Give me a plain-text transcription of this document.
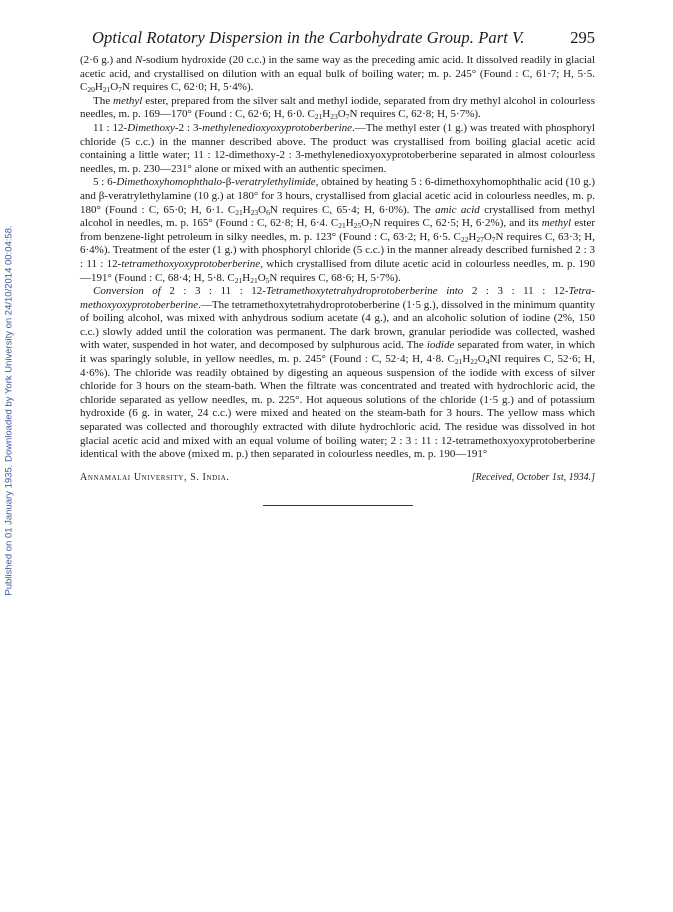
Published on 01 January 1935. Downloaded by York University on 24/10/2014 00:04:58.
Optical Rotatory Dispersion in the Carbohydrate Group. Part V.	295

(2·6 g.) and N-sodium hydroxide (20 c.c.) in the same way as the preceding amic acid. It dissolved readily in glacial acetic acid, and crystallised on dilution with an equal bulk of boiling water; m. p. 245° (Found : C, 61·7; H, 5·5. $C_{20}H_{21}O_7N$ requires C, 62·0; H, 5·4%).

The methyl ester, prepared from the silver salt and methyl iodide, separated from dry methyl alcohol in colourless needles, m. p. 169—170° (Found : C, 62·6; H, 6·0. $C_{21}H_{23}O_7N$ requires C, 62·8; H, 5·7%).

11 : 12-Dimethoxy-2 : 3-methylenedioxyoxyprotoberberine.—The methyl ester (1 g.) was treated with phosphoryl chloride (5 c.c.) in the manner described above. The product was crystallised from boiling glacial acetic acid containing a little water; 11 : 12-dimethoxy-2 : 3-methylenedioxyoxyprotoberberine separated in almost colourless needles, m. p. 230—231° alone or mixed with an authentic specimen.

5 : 6-Dimethoxyhomophthalo-β-veratrylethylimide, obtained by heating 5 : 6-dimethoxyhomophthalic acid (10 g.) and β-veratrylethylamine (10 g.) at 180° for 3 hours, crystallised from glacial acetic acid in colourless needles, m. p. 180° (Found : C, 65·0; H, 6·1. $C_{21}H_{23}O_6N$ requires C, 65·4; H, 6·0%). The amic acid crystallised from methyl alcohol in needles, m. p. 165° (Found : C, 62·8; H, 6·4. $C_{21}H_{25}O_7N$ requires C, 62·5; H, 6·2%), and its methyl ester from benzene-light petroleum in silky needles, m. p. 123° (Found : C, 63·2; H, 6·5. $C_{22}H_{27}O_7N$ requires C, 63·3; H, 6·4%). Treatment of the ester (1 g.) with phosphoryl chloride (5 c.c.) in the manner already described furnished 2 : 3 : 11 : 12-tetramethoxyoxyprotoberberine, which crystallised from dilute acetic acid in colourless needles, m. p. 190—191° (Found : C, 68·4; H, 5·8. $C_{21}H_{21}O_5N$ requires C, 68·6; H, 5·7%).

Conversion of 2 : 3 : 11 : 12-Tetramethoxytetrahydroprotoberberine into 2 : 3 : 11 : 12-Tetramethoxyoxyprotoberberine.—The tetramethoxytetrahydroprotoberberine (1·5 g.), dissolved in the minimum quantity of boiling alcohol, was mixed with anhydrous sodium acetate (4 g.), and an alcoholic solution of iodine (2%, 150 c.c.) slowly added until the coloration was permanent. The dark brown, granular periodide was collected, washed with water, suspended in hot water, and decomposed by sulphurous acid. The iodide separated from water, in which it was sparingly soluble, in yellow needles, m. p. 245° (Found : C, 52·4; H, 4·8. $C_{21}H_{22}O_4NI$ requires C, 52·6; H, 4·6%). The chloride was readily obtained by digesting an aqueous suspension of the iodide with excess of silver chloride for 3 hours on the steam-bath. When the filtrate was concentrated and treated with hydrochloric acid, the chloride separated as yellow needles, m. p. 225°. Hot aqueous solutions of the chloride (1·5 g.) and of potassium hydroxide (6 g. in water, 24 c.c.) were mixed and heated on the steam-bath for 3 hours. The yellow mass which separated was collected and thoroughly extracted with dilute hydrochloric acid. The residue was dissolved in hot glacial acetic acid and mixed with an equal volume of boiling water; 2 : 3 : 11 : 12-tetramethoxyoxyprotoberberine identical with the above (mixed m. p.) then separated in colourless needles, m. p. 190—191°

Annamalai University, S. India.	[Received, October 1st, 1934.]
